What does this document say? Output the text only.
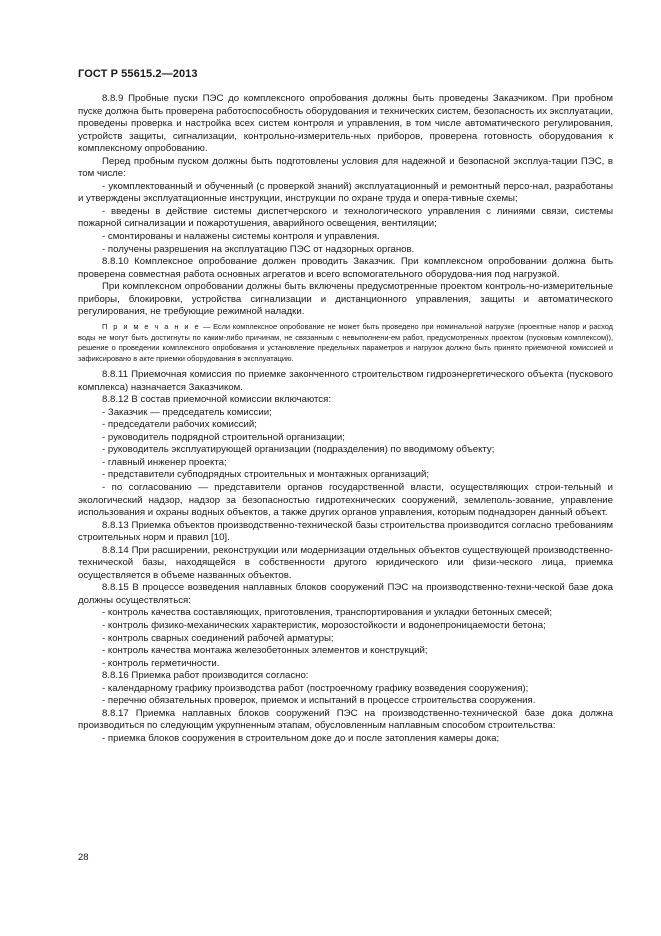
ГОСТ Р 55615.2—2013

8.8.9 Пробные пуски ПЭС до комплексного опробования должны быть проведены Заказчиком. При пробном пуске должна быть проверена работоспособность оборудования и технических систем, безопасность их эксплуатации, проведены проверка и настройка всех систем контроля и управления, в том числе автоматического регулирования, устройств защиты, сигнализации, контрольно-измеритель-ных приборов, проверена готовность оборудования к комплексному опробованию.

Перед пробным пуском должны быть подготовлены условия для надежной и безопасной эксплуа-тации ПЭС, в том числе:

- укомплектованный и обученный (с проверкой знаний) эксплуатационный и ремонтный персо-нал, разработаны и утверждены эксплуатационные инструкции, инструкции по охране труда и опера-тивные схемы;

- введены в действие системы диспетчерского и технологического управления с линиями связи, системы пожарной сигнализации и пожаротушения, аварийного освещения, вентиляции;

- смонтированы и налажены системы контроля и управления.

- получены разрешения на эксплуатацию ПЭС от надзорных органов.

8.8.10 Комплексное опробование должен проводить Заказчик. При комплексном опробовании должна быть проверена совместная работа основных агрегатов и всего вспомогательного оборудова-ния под нагрузкой.

При комплексном опробовании должны быть включены предусмотренные проектом контроль-но-измерительные приборы, блокировки, устройства сигнализации и дистанционного управления, защиты и автоматического регулирования, не требующие режимной наладки.

П р и м е ч а н и е — Если комплексное опробование не может быть проведено при номинальной нагрузке (проектные напор и расход воды не могут быть достигнуты по каким-либо причинам, не связанным с невыполнени-ем работ, предусмотренных проектом (пусковым комплексом)), решение о проведении комплексного опробования и установление предельных параметров и нагрузок должно быть принято приемочной комиссией и зафиксировано в акте приемки оборудования в эксплуатацию.

8.8.11 Приемочная комиссия по приемке законченного строительством гидроэнергетического объекта (пускового комплекса) назначается Заказчиком.

8.8.12 В состав приемочной комиссии включаются:

- Заказчик — председатель комиссии;

- председатели рабочих комиссий;

- руководитель подрядной строительной организации;

- руководитель эксплуатирующей организации (подразделения) по вводимому объекту;

- главный инженер проекта;

- представители субподрядных строительных и монтажных организаций;

- по согласованию — представители органов государственной власти, осуществляющих строи-тельный и экологический надзор, надзор за безопасностью гидротехнических сооружений, землеполь-зование, управление использования и охраны водных объектов, а также других органов управления, которым поднадзорен данный объект.

8.8.13 Приемка объектов производственно-технической базы строительства производится согласно требованиям строительных норм и правил [10].

8.8.14 При расширении, реконструкции или модернизации отдельных объектов существующей производственно-технической базы, находящейся в собственности другого юридического или физи-ческого лица, приемка осуществляется в объеме названных объектов.

8.8.15 В процессе возведения наплавных блоков сооружений ПЭС на производственно-техни-ческой базе дока должны осуществляться:

- контроль качества составляющих, приготовления, транспортирования и укладки бетонных смесей;

- контроль физико-механических характеристик, морозостойкости и водонепроницаемости бетона;

- контроль сварных соединений рабочей арматуры;

- контроль качества монтажа железобетонных элементов и конструкций;

- контроль герметичности.

8.8.16 Приемка работ производится согласно:

- календарному графику производства работ (построечному графику возведения сооружения);

- перечню обязательных проверок, приемок и испытаний в процессе строительства сооружения.

8.8.17 Приемка наплавных блоков сооружений ПЭС на производственно-технической базе дока должна производиться по следующим укрупненным этапам, обусловленным наплавным способом строительства:

- приемка блоков сооружения в строительном доке до и после затопления камеры дока;

28
